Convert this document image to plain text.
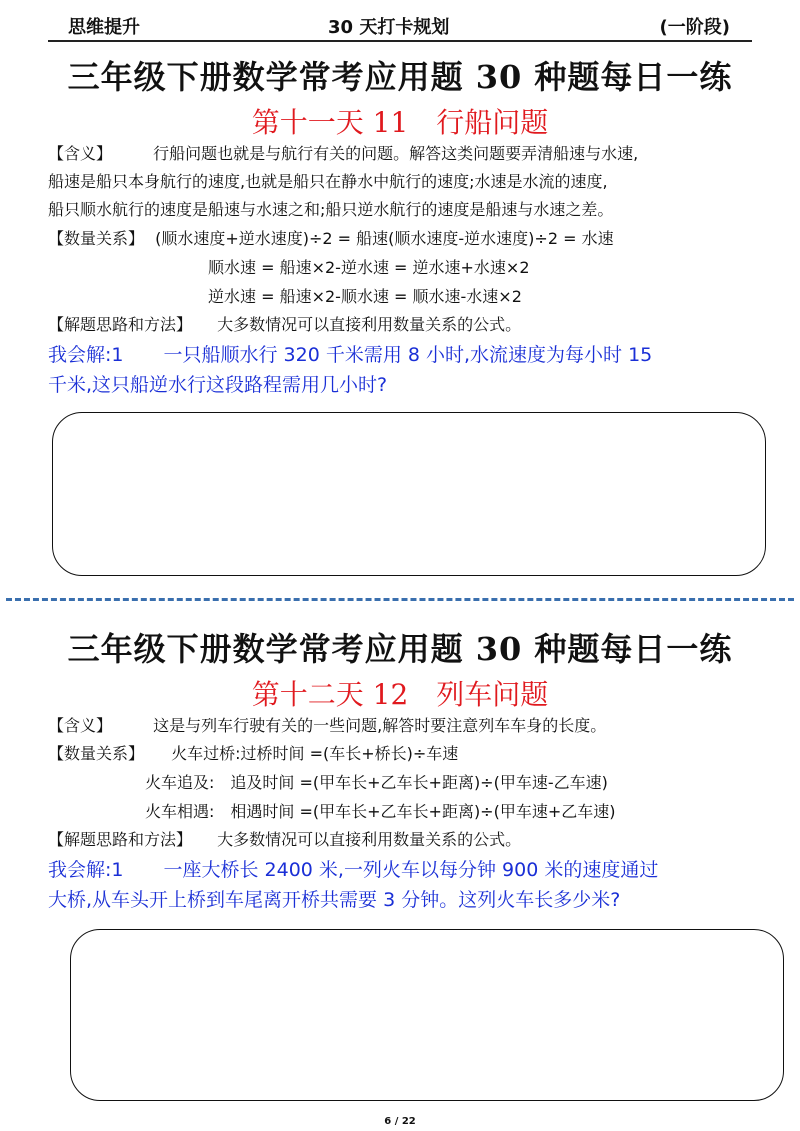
思维提升	30 天打卡规划	(一阶段)
三年级下册数学常考应用题 30 种题每日一练
第十一天 11　行船问题
【含义】	行船问题也就是与航行有关的问题。解答这类问题要弄清船速与水速,
船速是船只本身航行的速度,也就是船只在静水中航行的速度;水速是水流的速度,
船只顺水航行的速度是船速与水速之和;船只逆水航行的速度是船速与水速之差。
【数量关系】 (顺水速度+逆水速度)÷2 = 船速(顺水速度-逆水速度)÷2 = 水速
顺水速 = 船速×2-逆水速 = 逆水速+水速×2
逆水速 = 船速×2-顺水速 = 顺水速-水速×2
【解题思路和方法】 大多数情况可以直接利用数量关系的公式。
我会解:1 一只船顺水行 320 千米需用 8 小时,水流速度为每小时 15
千米,这只船逆水行这段路程需用几小时?
三年级下册数学常考应用题 30 种题每日一练
第十二天 12　列车问题
【含义】	这是与列车行驶有关的一些问题,解答时要注意列车车身的长度。
【数量关系】 火车过桥:过桥时间 =(车长+桥长)÷车速
火车追及:　追及时间 =(甲车长+乙车长+距离)÷(甲车速-乙车速)
火车相遇:　相遇时间 =(甲车长+乙车长+距离)÷(甲车速+乙车速)
【解题思路和方法】 大多数情况可以直接利用数量关系的公式。
我会解:1 一座大桥长 2400 米,一列火车以每分钟 900 米的速度通过
大桥,从车头开上桥到车尾离开桥共需要 3 分钟。这列火车长多少米?
6 / 22
